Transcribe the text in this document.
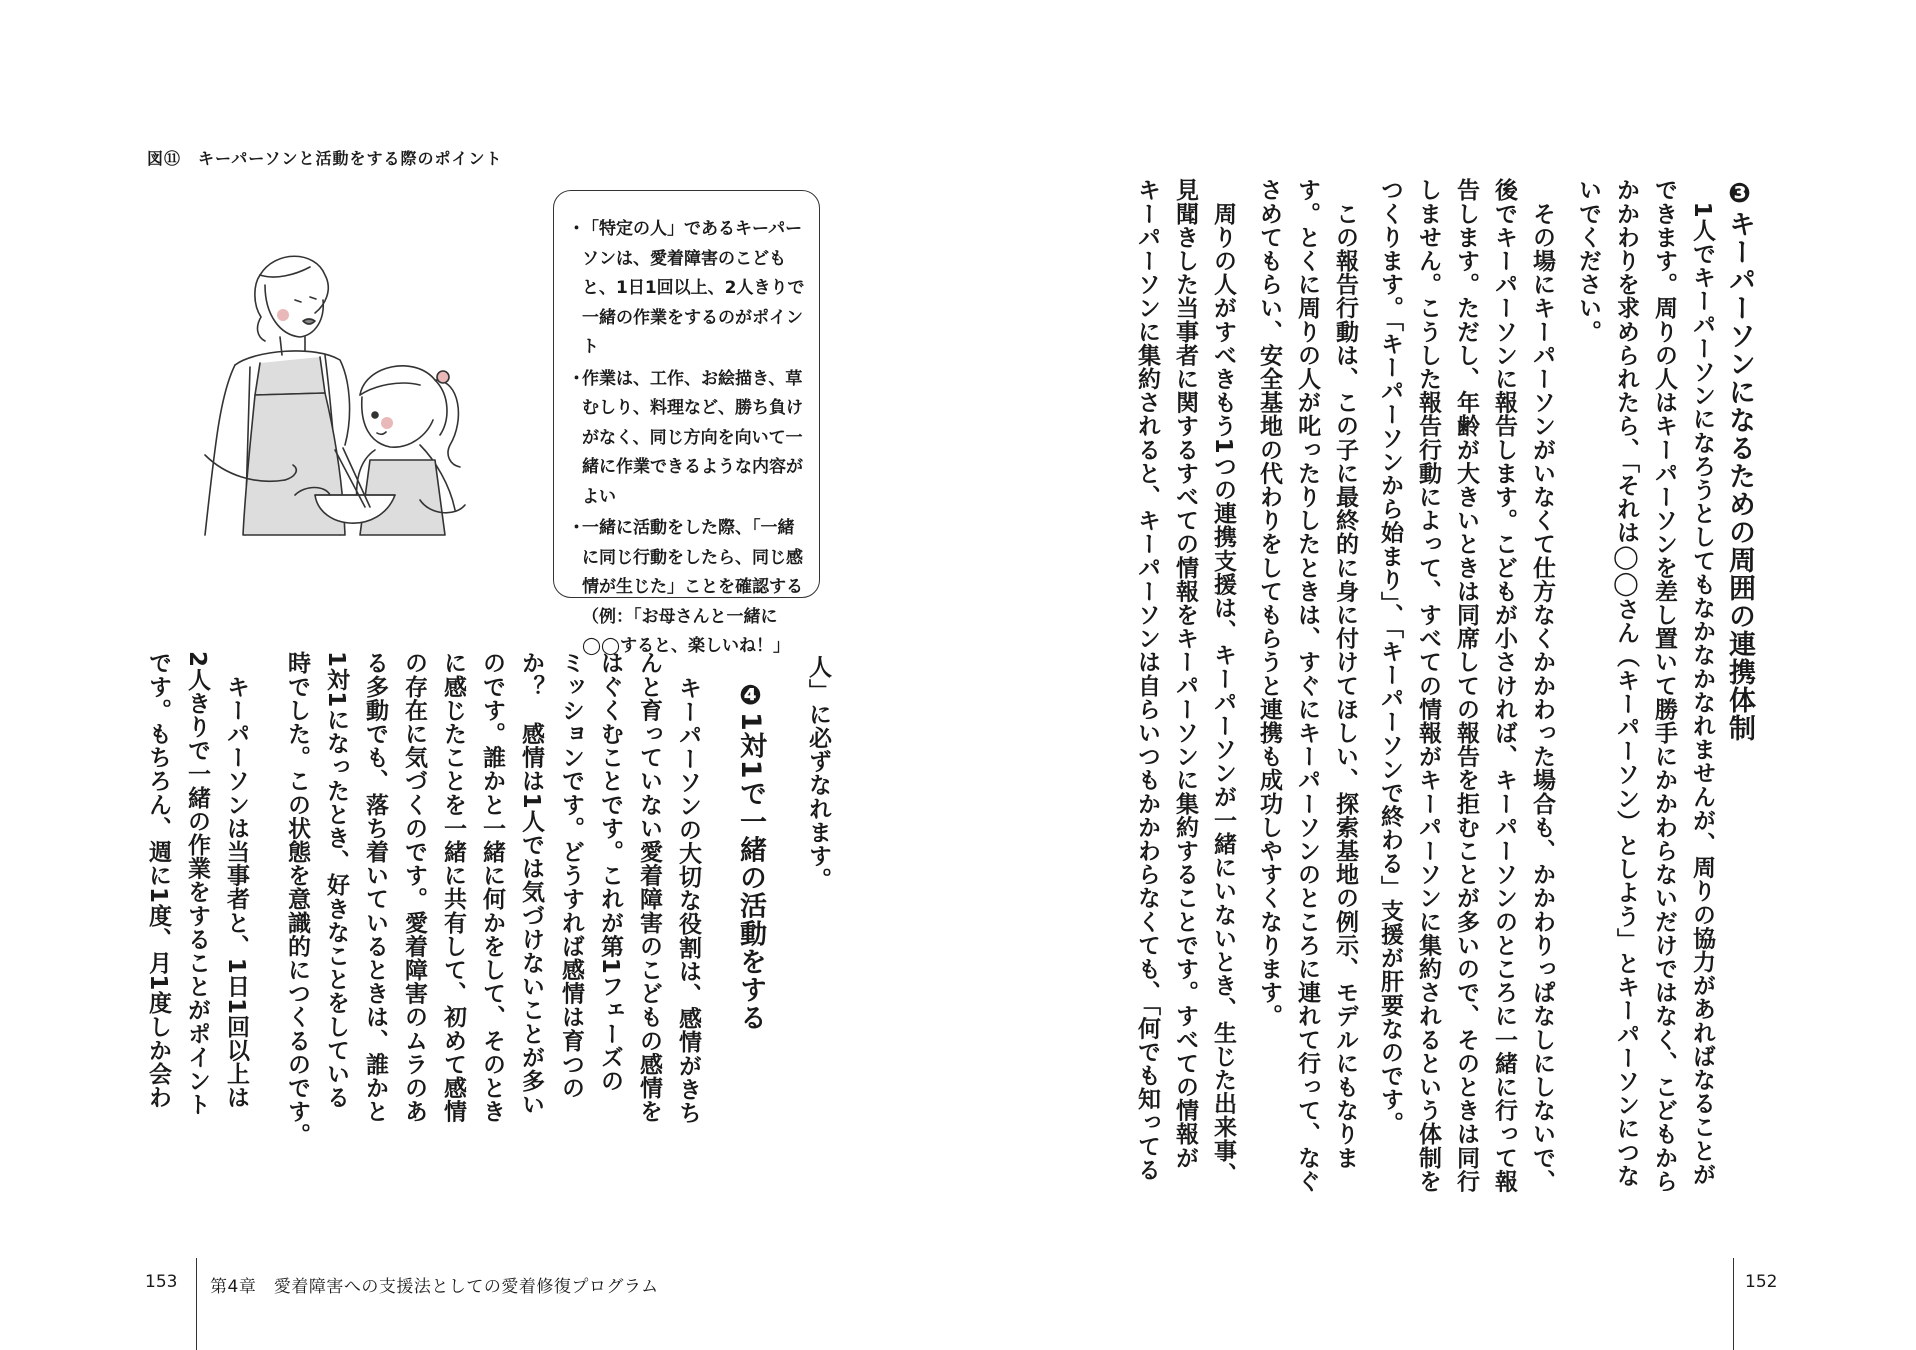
図⑪　キーパーソンと活動をする際のポイント
・
「特定の人」であるキーパーソンは、愛着障害のこどもと、1日1回以上、2人きりで一緒の作業をするのがポイント
・
作業は、工作、お絵描き、草むしり、料理など、勝ち負けがなく、同じ方向を向いて一緒に作業できるような内容がよい
・
一緒に活動をした際、「一緒に同じ行動をしたら、同じ感情が生じた」ことを確認する（例：「お母さんと一緒に◯◯すると、楽しいね！」
人」に必ずなれます。
❹1対1で一緒の活動をする
キーパーソンの大切な役割は、感情がきち
んと育っていない愛着障害のこどもの感情を
はぐくむことです。これが第1フェーズの
ミッションです。どうすれば感情は育つの
か？　感情は1人では気づけないことが多い
のです。誰かと一緒に何かをして、そのとき
に感じたことを一緒に共有して、初めて感情
の存在に気づくのです。愛着障害のムラのあ
る多動でも、落ち着いているときは、誰かと
1対1になったとき、好きなことをしている
時でした。この状態を意識的につくるのです。
　キーパーソンは当事者と、1日1回以上は
2人きりで一緒の作業をすることがポイント
です。もちろん、週に1度、月1度しか会わ
153 第4章　愛着障害への支援法としての愛着修復プログラム
❸キーパーソンになるための周囲の連携体制
　1人でキーパーソンになろうとしてもなかなかなれませんが、周りの協力があればなることが
できます。周りの人はキーパーソンを差し置いて勝手にかかわらないだけではなく、こどもから
かかわりを求められたら、「それは◯◯さん（キーパーソン）としよう」とキーパーソンにつな
いでください。
　その場にキーパーソンがいなくて仕方なくかかわった場合も、かかわりっぱなしにしないで、
後でキーパーソンに報告します。こどもが小さければ、キーパーソンのところに一緒に行って報
告します。ただし、年齢が大きいときは同席しての報告を拒むことが多いので、そのときは同行
しません。こうした報告行動によって、すべての情報がキーパーソンに集約されるという体制を
つくります。「キーパーソンから始まり」、「キーパーソンで終わる」支援が肝要なのです。
　この報告行動は、この子に最終的に身に付けてほしい、探索基地の例示、モデルにもなりま
す。とくに周りの人が叱ったりしたときは、すぐにキーパーソンのところに連れて行って、なぐ
さめてもらい、安全基地の代わりをしてもらうと連携も成功しやすくなります。
　周りの人がすべきもう1つの連携支援は、キーパーソンが一緒にいないとき、生じた出来事、
見聞きした当事者に関するすべての情報をキーパーソンに集約することです。すべての情報が
キーパーソンに集約されると、キーパーソンは自らいつもかかわらなくても、「何でも知ってる
152
